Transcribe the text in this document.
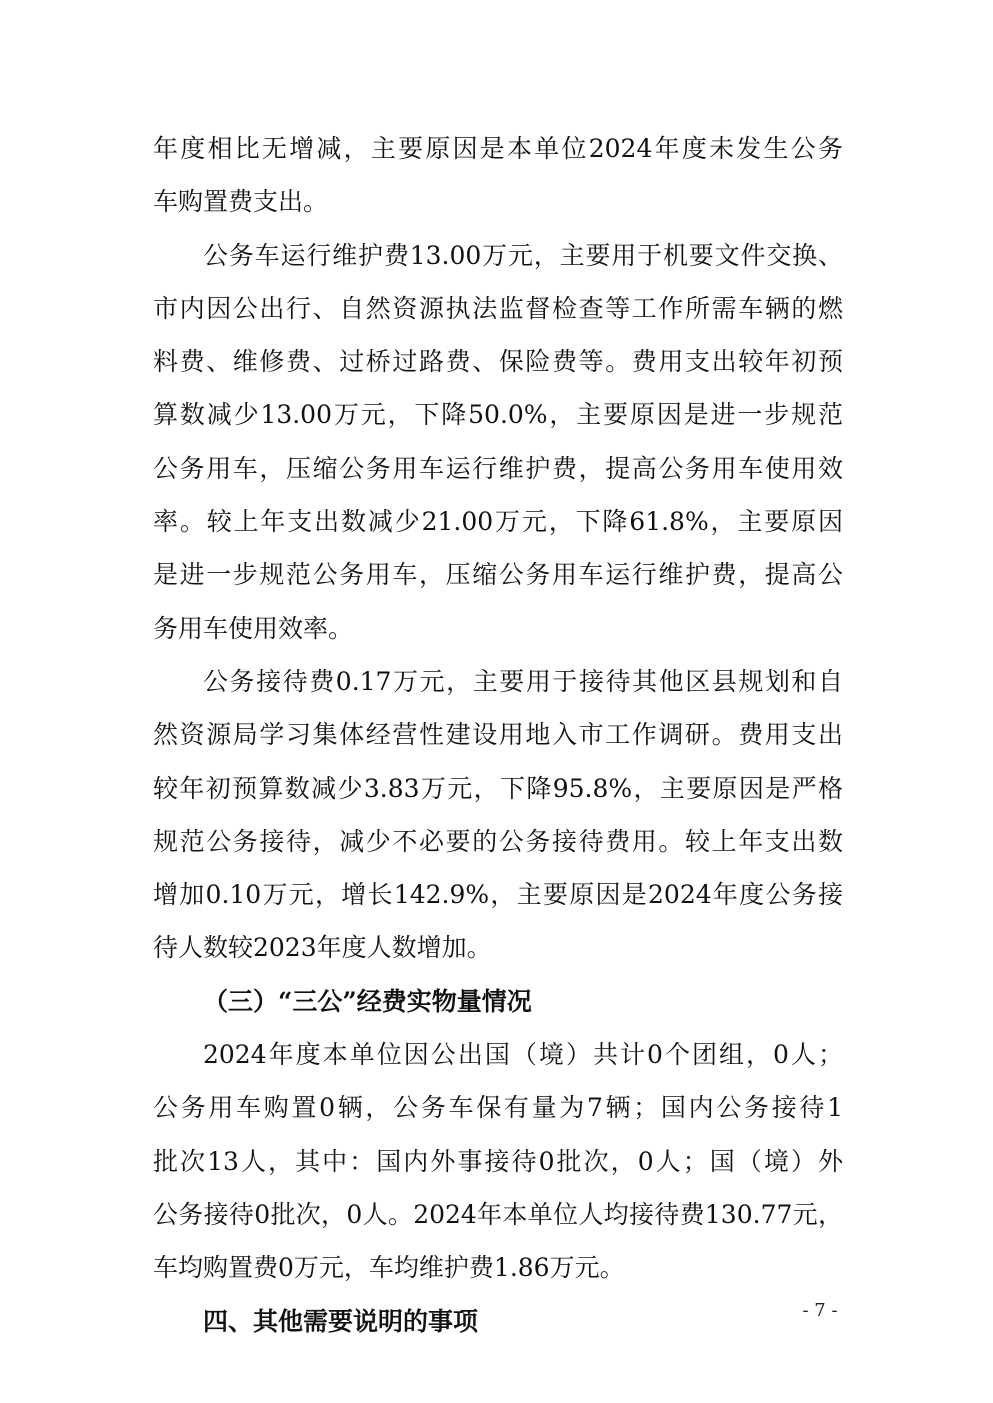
年度相比无增减，主要原因是本单位2024年度未发生公务
车购置费支出。
公务车运行维护费13.00万元，主要用于机要文件交换、
市内因公出行、自然资源执法监督检查等工作所需车辆的燃
料费、维修费、过桥过路费、保险费等。费用支出较年初预
算数减少13.00万元，下降50.0%，主要原因是进一步规范
公务用车，压缩公务用车运行维护费，提高公务用车使用效
率。较上年支出数减少21.00万元，下降61.8%，主要原因
是进一步规范公务用车，压缩公务用车运行维护费，提高公
务用车使用效率。
公务接待费0.17万元，主要用于接待其他区县规划和自
然资源局学习集体经营性建设用地入市工作调研。费用支出
较年初预算数减少3.83万元，下降95.8%，主要原因是严格
规范公务接待，减少不必要的公务接待费用。较上年支出数
增加0.10万元，增长142.9%，主要原因是2024年度公务接
待人数较2023年度人数增加。
（三）“三公”经费实物量情况
2024年度本单位因公出国（境）共计0个团组，0人；
公务用车购置0辆，公务车保有量为7辆；国内公务接待1
批次13人，其中：国内外事接待0批次，0人；国（境）外
公务接待0批次，0人。2024年本单位人均接待费130.77元，
车均购置费0万元，车均维护费1.86万元。
四、其他需要说明的事项	- 7 -
